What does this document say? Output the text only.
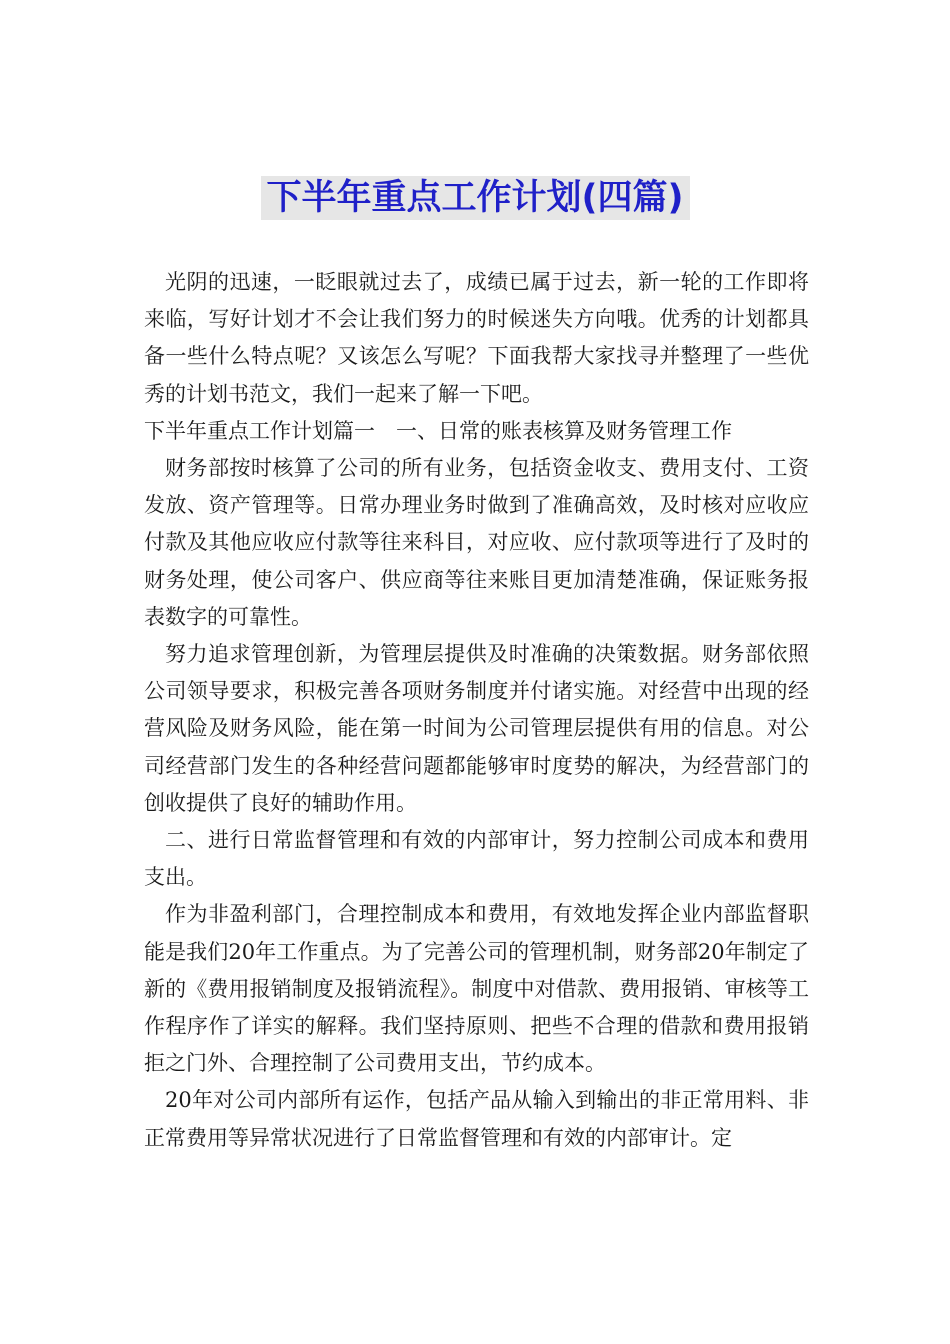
下半年重点工作计划(四篇)

光阴的迅速，一眨眼就过去了，成绩已属于过去，新一轮的工作即将来临，写好计划才不会让我们努力的时候迷失方向哦。优秀的计划都具备一些什么特点呢？又该怎么写呢？下面我帮大家找寻并整理了一些优秀的计划书范文，我们一起来了解一下吧。

下半年重点工作计划篇一　一、日常的账表核算及财务管理工作

财务部按时核算了公司的所有业务，包括资金收支、费用支付、工资发放、资产管理等。日常办理业务时做到了准确高效，及时核对应收应付款及其他应收应付款等往来科目，对应收、应付款项等进行了及时的财务处理，使公司客户、供应商等往来账目更加清楚准确，保证账务报表数字的可靠性。

努力追求管理创新，为管理层提供及时准确的决策数据。财务部依照公司领导要求，积极完善各项财务制度并付诸实施。对经营中出现的经营风险及财务风险，能在第一时间为公司管理层提供有用的信息。对公司经营部门发生的各种经营问题都能够审时度势的解决，为经营部门的创收提供了良好的辅助作用。

二、进行日常监督管理和有效的内部审计，努力控制公司成本和费用支出。

作为非盈利部门，合理控制成本和费用，有效地发挥企业内部监督职能是我们20年工作重点。为了完善公司的管理机制，财务部20年制定了新的《费用报销制度及报销流程》。制度中对借款、费用报销、审核等工作程序作了详实的解释。我们坚持原则、把些不合理的借款和费用报销拒之门外、合理控制了公司费用支出，节约成本。

20年对公司内部所有运作，包括产品从输入到输出的非正常用料、非正常费用等异常状况进行了日常监督管理和有效的内部审计。定
